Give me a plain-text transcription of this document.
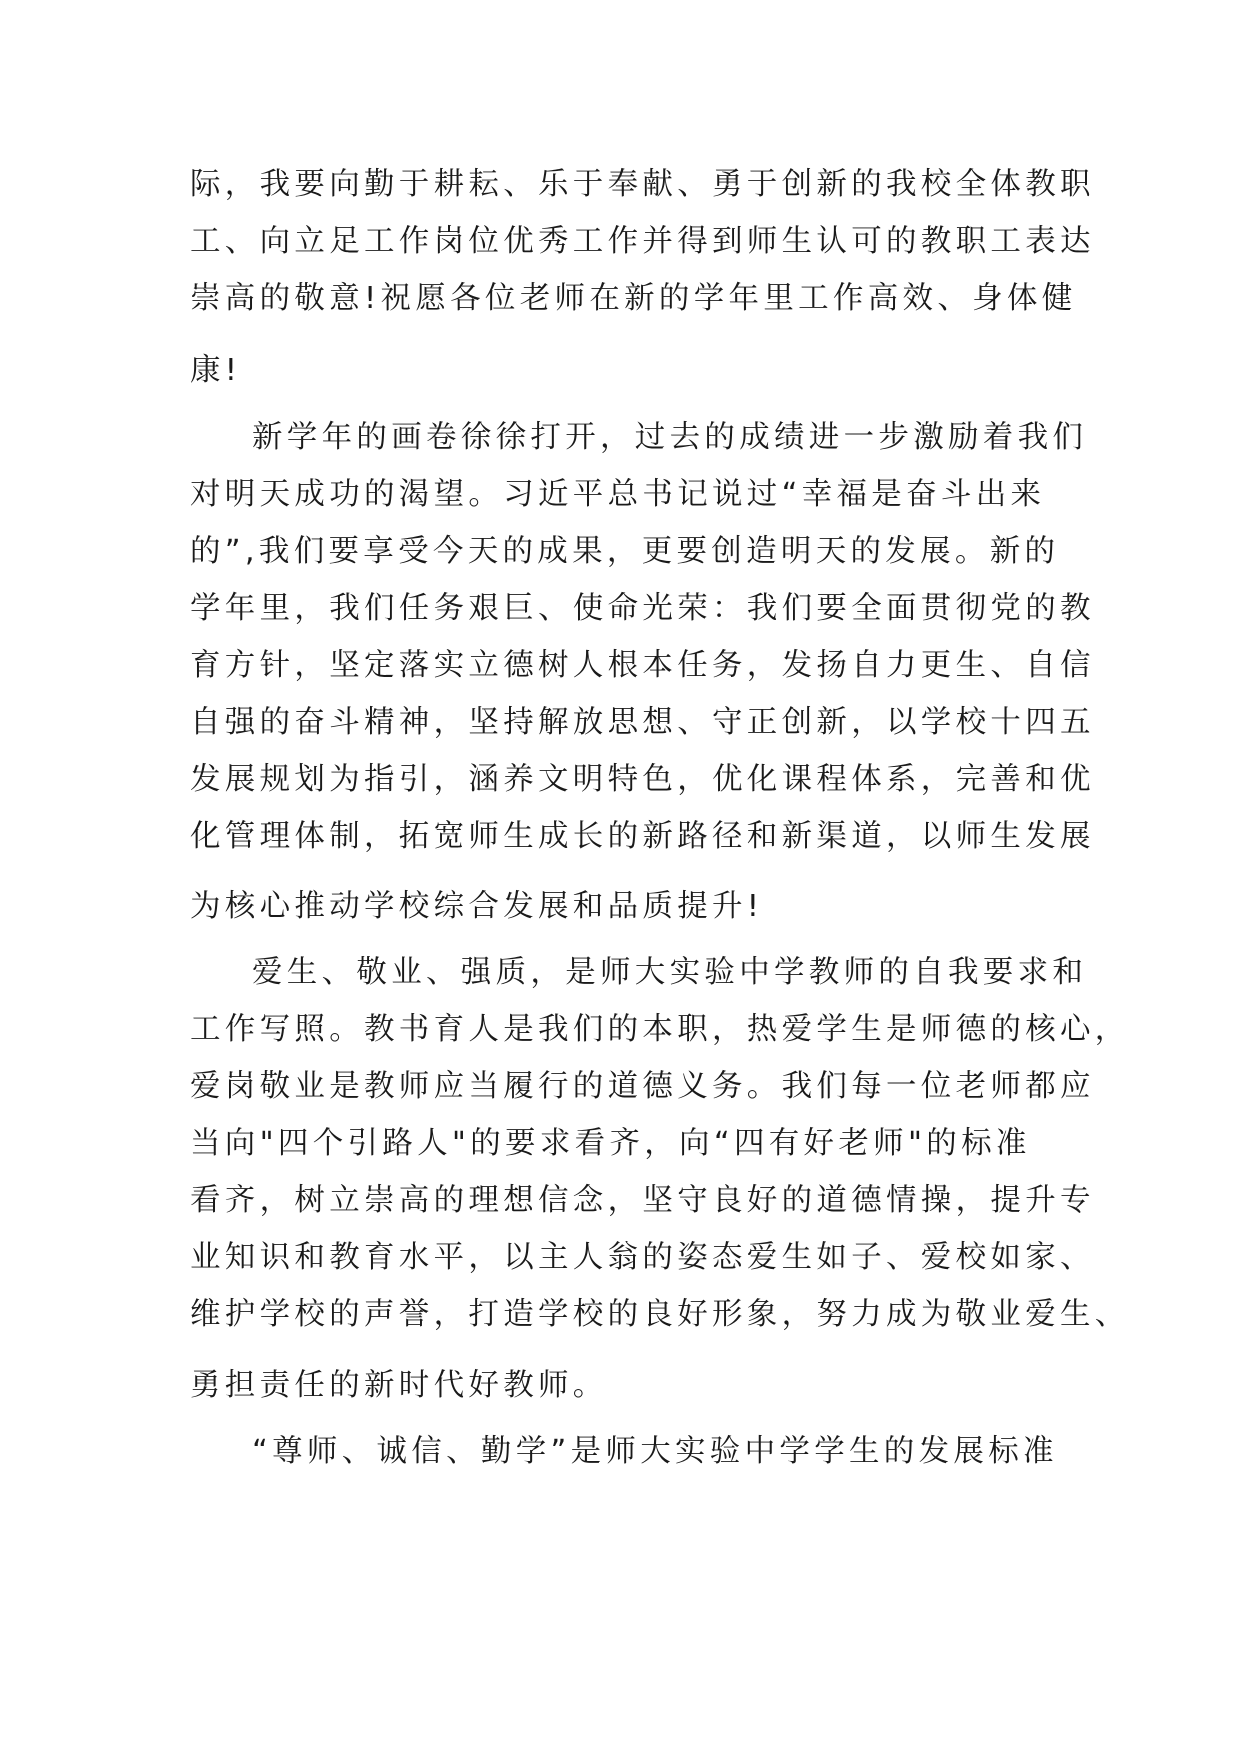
际，我要向勤于耕耘、乐于奉献、勇于创新的我校全体教职
工、向立足工作岗位优秀工作并得到师生认可的教职工表达
崇高的敬意!祝愿各位老师在新的学年里工作高效、身体健
康!
新学年的画卷徐徐打开，过去的成绩进一步激励着我们
对明天成功的渴望。习近平总书记说过“幸福是奋斗出来
的”,我们要享受今天的成果，更要创造明天的发展。新的
学年里，我们任务艰巨、使命光荣：我们要全面贯彻党的教
育方针，坚定落实立德树人根本任务，发扬自力更生、自信
自强的奋斗精神，坚持解放思想、守正创新，以学校十四五
发展规划为指引，涵养文明特色，优化课程体系，完善和优
化管理体制，拓宽师生成长的新路径和新渠道，以师生发展
为核心推动学校综合发展和品质提升!
爱生、敬业、强质，是师大实验中学教师的自我要求和
工作写照。教书育人是我们的本职，热爱学生是师德的核心，
爱岗敬业是教师应当履行的道德义务。我们每一位老师都应
当向"四个引路人"的要求看齐，向“四有好老师"的标准
看齐，树立崇高的理想信念，坚守良好的道德情操，提升专
业知识和教育水平，以主人翁的姿态爱生如子、爱校如家、
维护学校的声誉，打造学校的良好形象，努力成为敬业爱生、
勇担责任的新时代好教师。
“尊师、诚信、勤学”是师大实验中学学生的发展标准
